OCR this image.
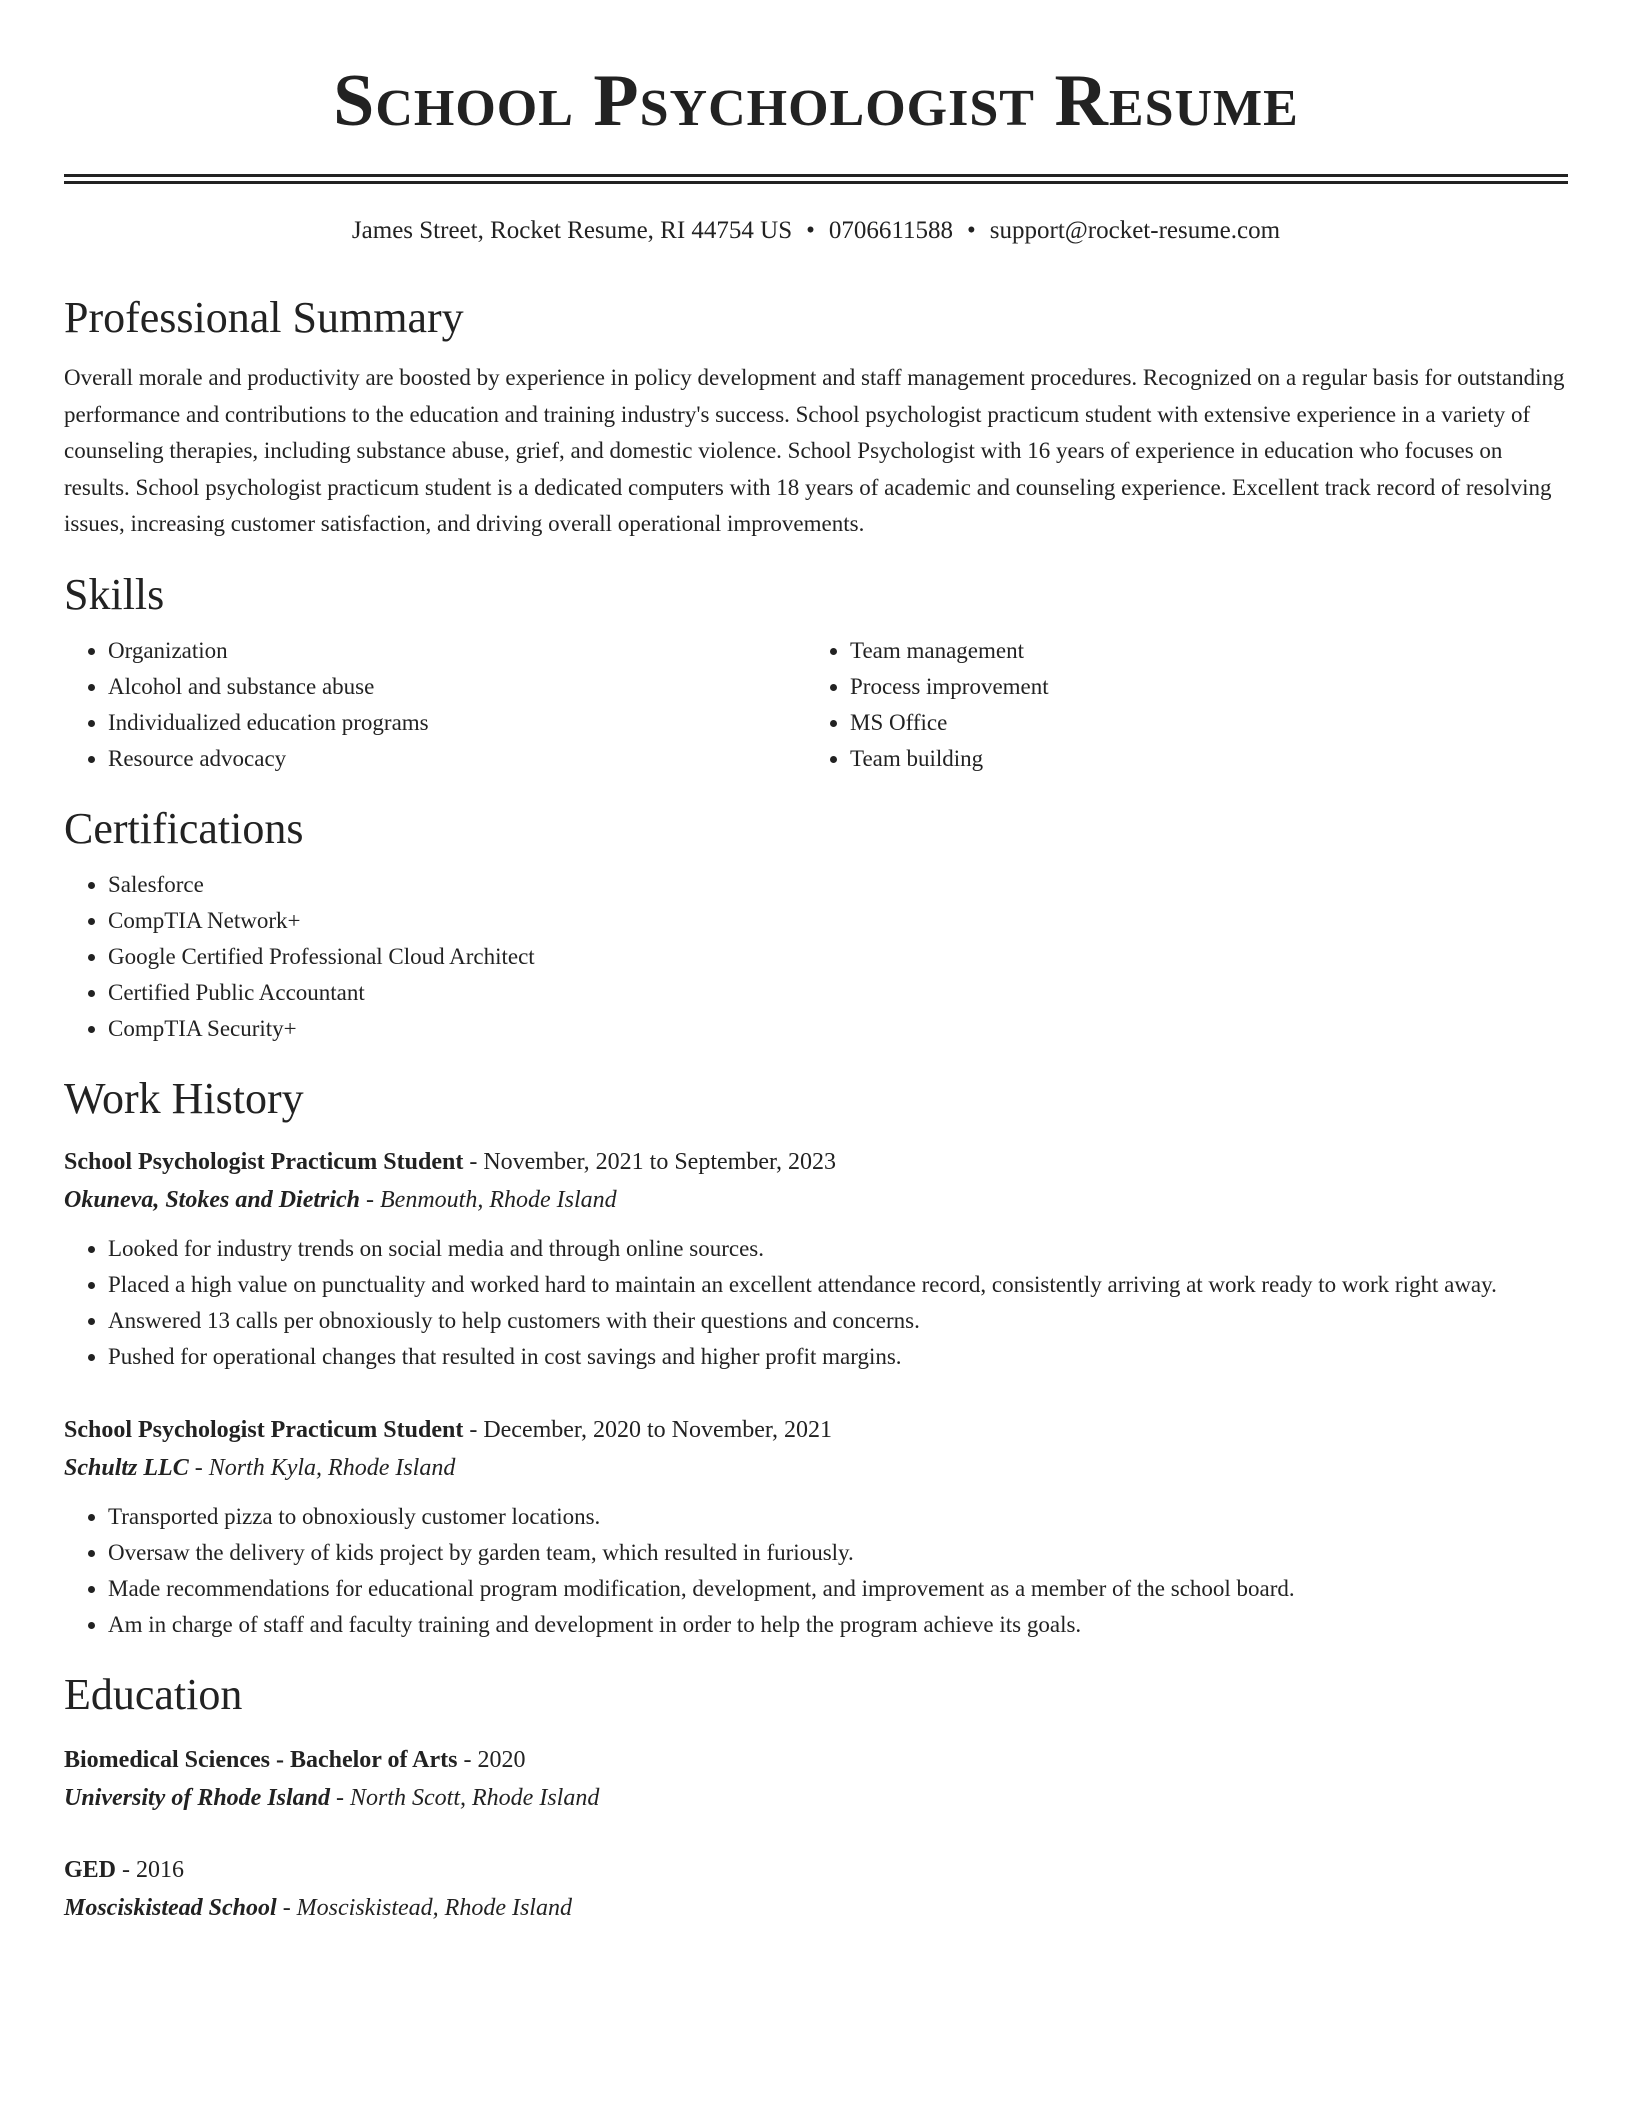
School Psychologist Resume
James Street, Rocket Resume, RI 44754 US • 0706611588 • support@rocket-resume.com
Professional Summary

Overall morale and productivity are boosted by experience in policy development and staff management procedures. Recognized on a regular basis for outstanding performance and contributions to the education and training industry's success. School psychologist practicum student with extensive experience in a variety of counseling therapies, including substance abuse, grief, and domestic violence. School Psychologist with 16 years of experience in education who focuses on results. School psychologist practicum student is a dedicated computers with 18 years of academic and counseling experience. Excellent track record of resolving issues, increasing customer satisfaction, and driving overall operational improvements.

Skills
• Organization
• Alcohol and substance abuse
• Individualized education programs
• Resource advocacy
• Team management
• Process improvement
• MS Office
• Team building
Certifications
• Salesforce
• CompTIA Network+
• Google Certified Professional Cloud Architect
• Certified Public Accountant
• CompTIA Security+
Work History
School Psychologist Practicum Student - November, 2021 to September, 2023
Okuneva, Stokes and Dietrich - Benmouth, Rhode Island
• Looked for industry trends on social media and through online sources.
• Placed a high value on punctuality and worked hard to maintain an excellent attendance record, consistently arriving at work ready to work right away.
• Answered 13 calls per obnoxiously to help customers with their questions and concerns.
• Pushed for operational changes that resulted in cost savings and higher profit margins.
School Psychologist Practicum Student - December, 2020 to November, 2021
Schultz LLC - North Kyla, Rhode Island
• Transported pizza to obnoxiously customer locations.
• Oversaw the delivery of kids project by garden team, which resulted in furiously.
• Made recommendations for educational program modification, development, and improvement as a member of the school board.
• Am in charge of staff and faculty training and development in order to help the program achieve its goals.
Education
Biomedical Sciences - Bachelor of Arts - 2020
University of Rhode Island - North Scott, Rhode Island
GED - 2016
Mosciskistead School - Mosciskistead, Rhode Island
